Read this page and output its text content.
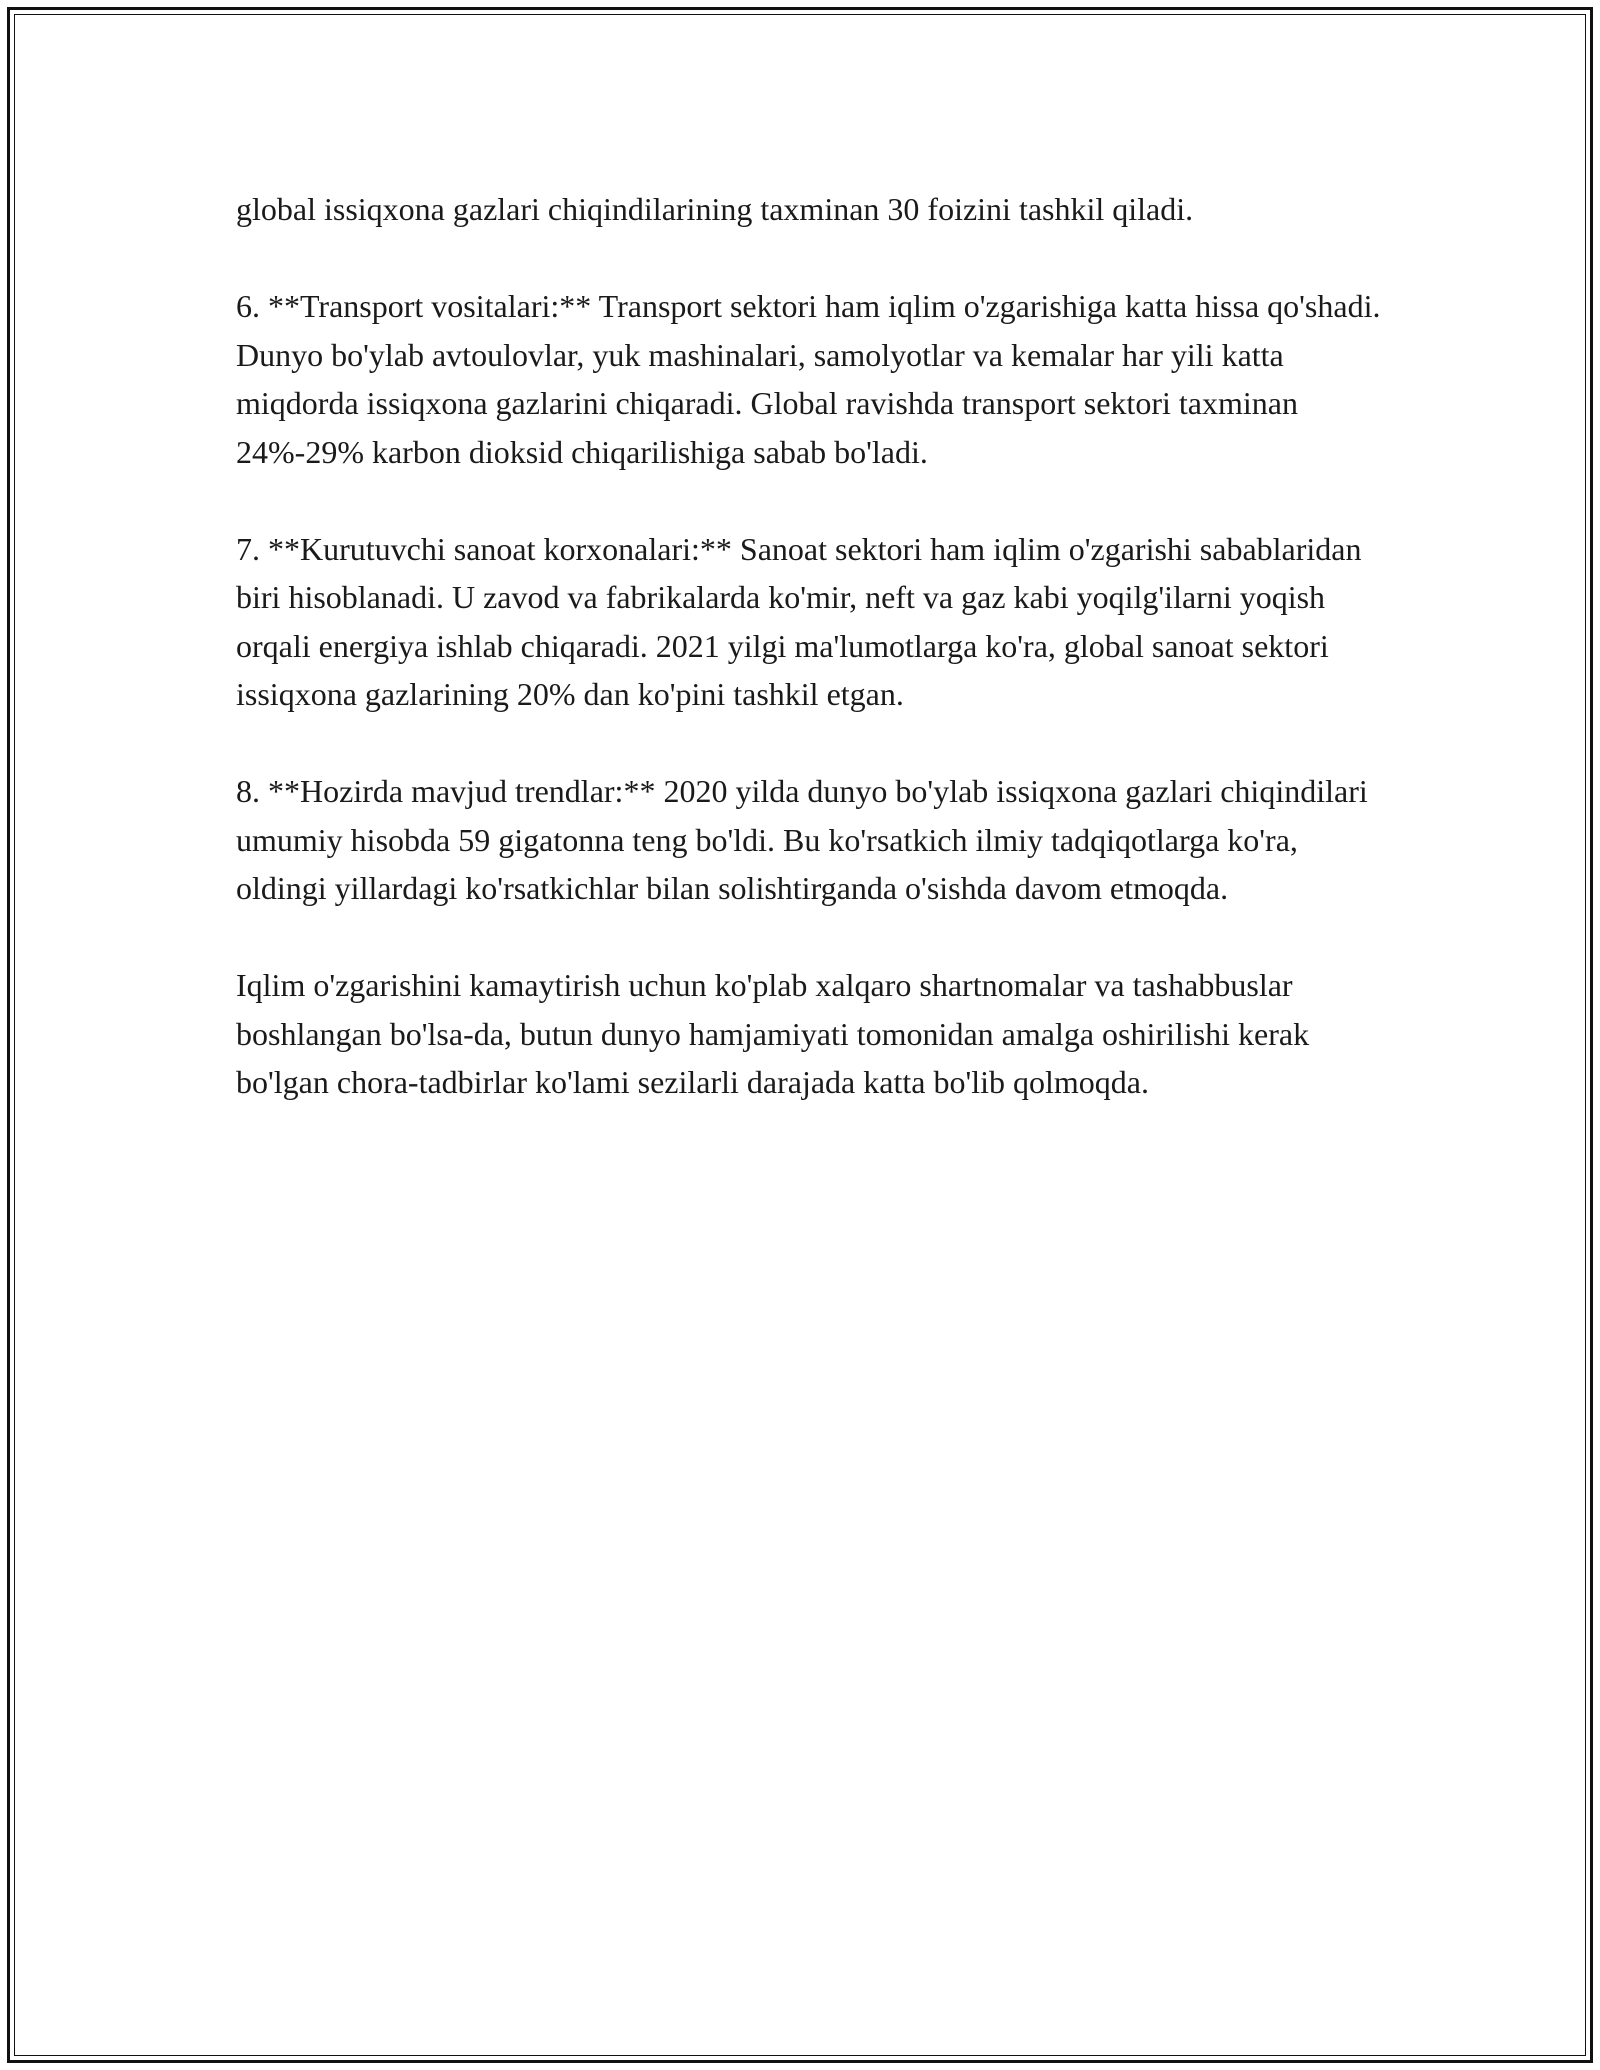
global issiqxona gazlari chiqindilarining taxminan 30 foizini tashkil qiladi.

6. **Transport vositalari:** Transport sektori ham iqlim o'zgarishiga katta hissa qo'shadi. Dunyo bo'ylab avtoulovlar, yuk mashinalari, samolyotlar va kemalar har yili katta miqdorda issiqxona gazlarini chiqaradi. Global ravishda transport sektori taxminan 24%-29% karbon dioksid chiqarilishiga sabab bo'ladi.

7. **Kurutuvchi sanoat korxonalari:** Sanoat sektori ham iqlim o'zgarishi sabablaridan biri hisoblanadi. U zavod va fabrikalarda ko'mir, neft va gaz kabi yoqilg'ilarni yoqish orqali energiya ishlab chiqaradi. 2021 yilgi ma'lumotlarga ko'ra, global sanoat sektori issiqxona gazlarining 20% dan ko'pini tashkil etgan.

8. **Hozirda mavjud trendlar:** 2020 yilda dunyo bo'ylab issiqxona gazlari chiqindilari umumiy hisobda 59 gigatonna teng bo'ldi. Bu ko'rsatkich ilmiy tadqiqotlarga ko'ra, oldingi yillardagi ko'rsatkichlar bilan solishtirganda o'sishda davom etmoqda.

Iqlim o'zgarishini kamaytirish uchun ko'plab xalqaro shartnomalar va tashabbuslar boshlangan bo'lsa-da, butun dunyo hamjamiyati tomonidan amalga oshirilishi kerak bo'lgan chora-tadbirlar ko'lami sezilarli darajada katta bo'lib qolmoqda.
